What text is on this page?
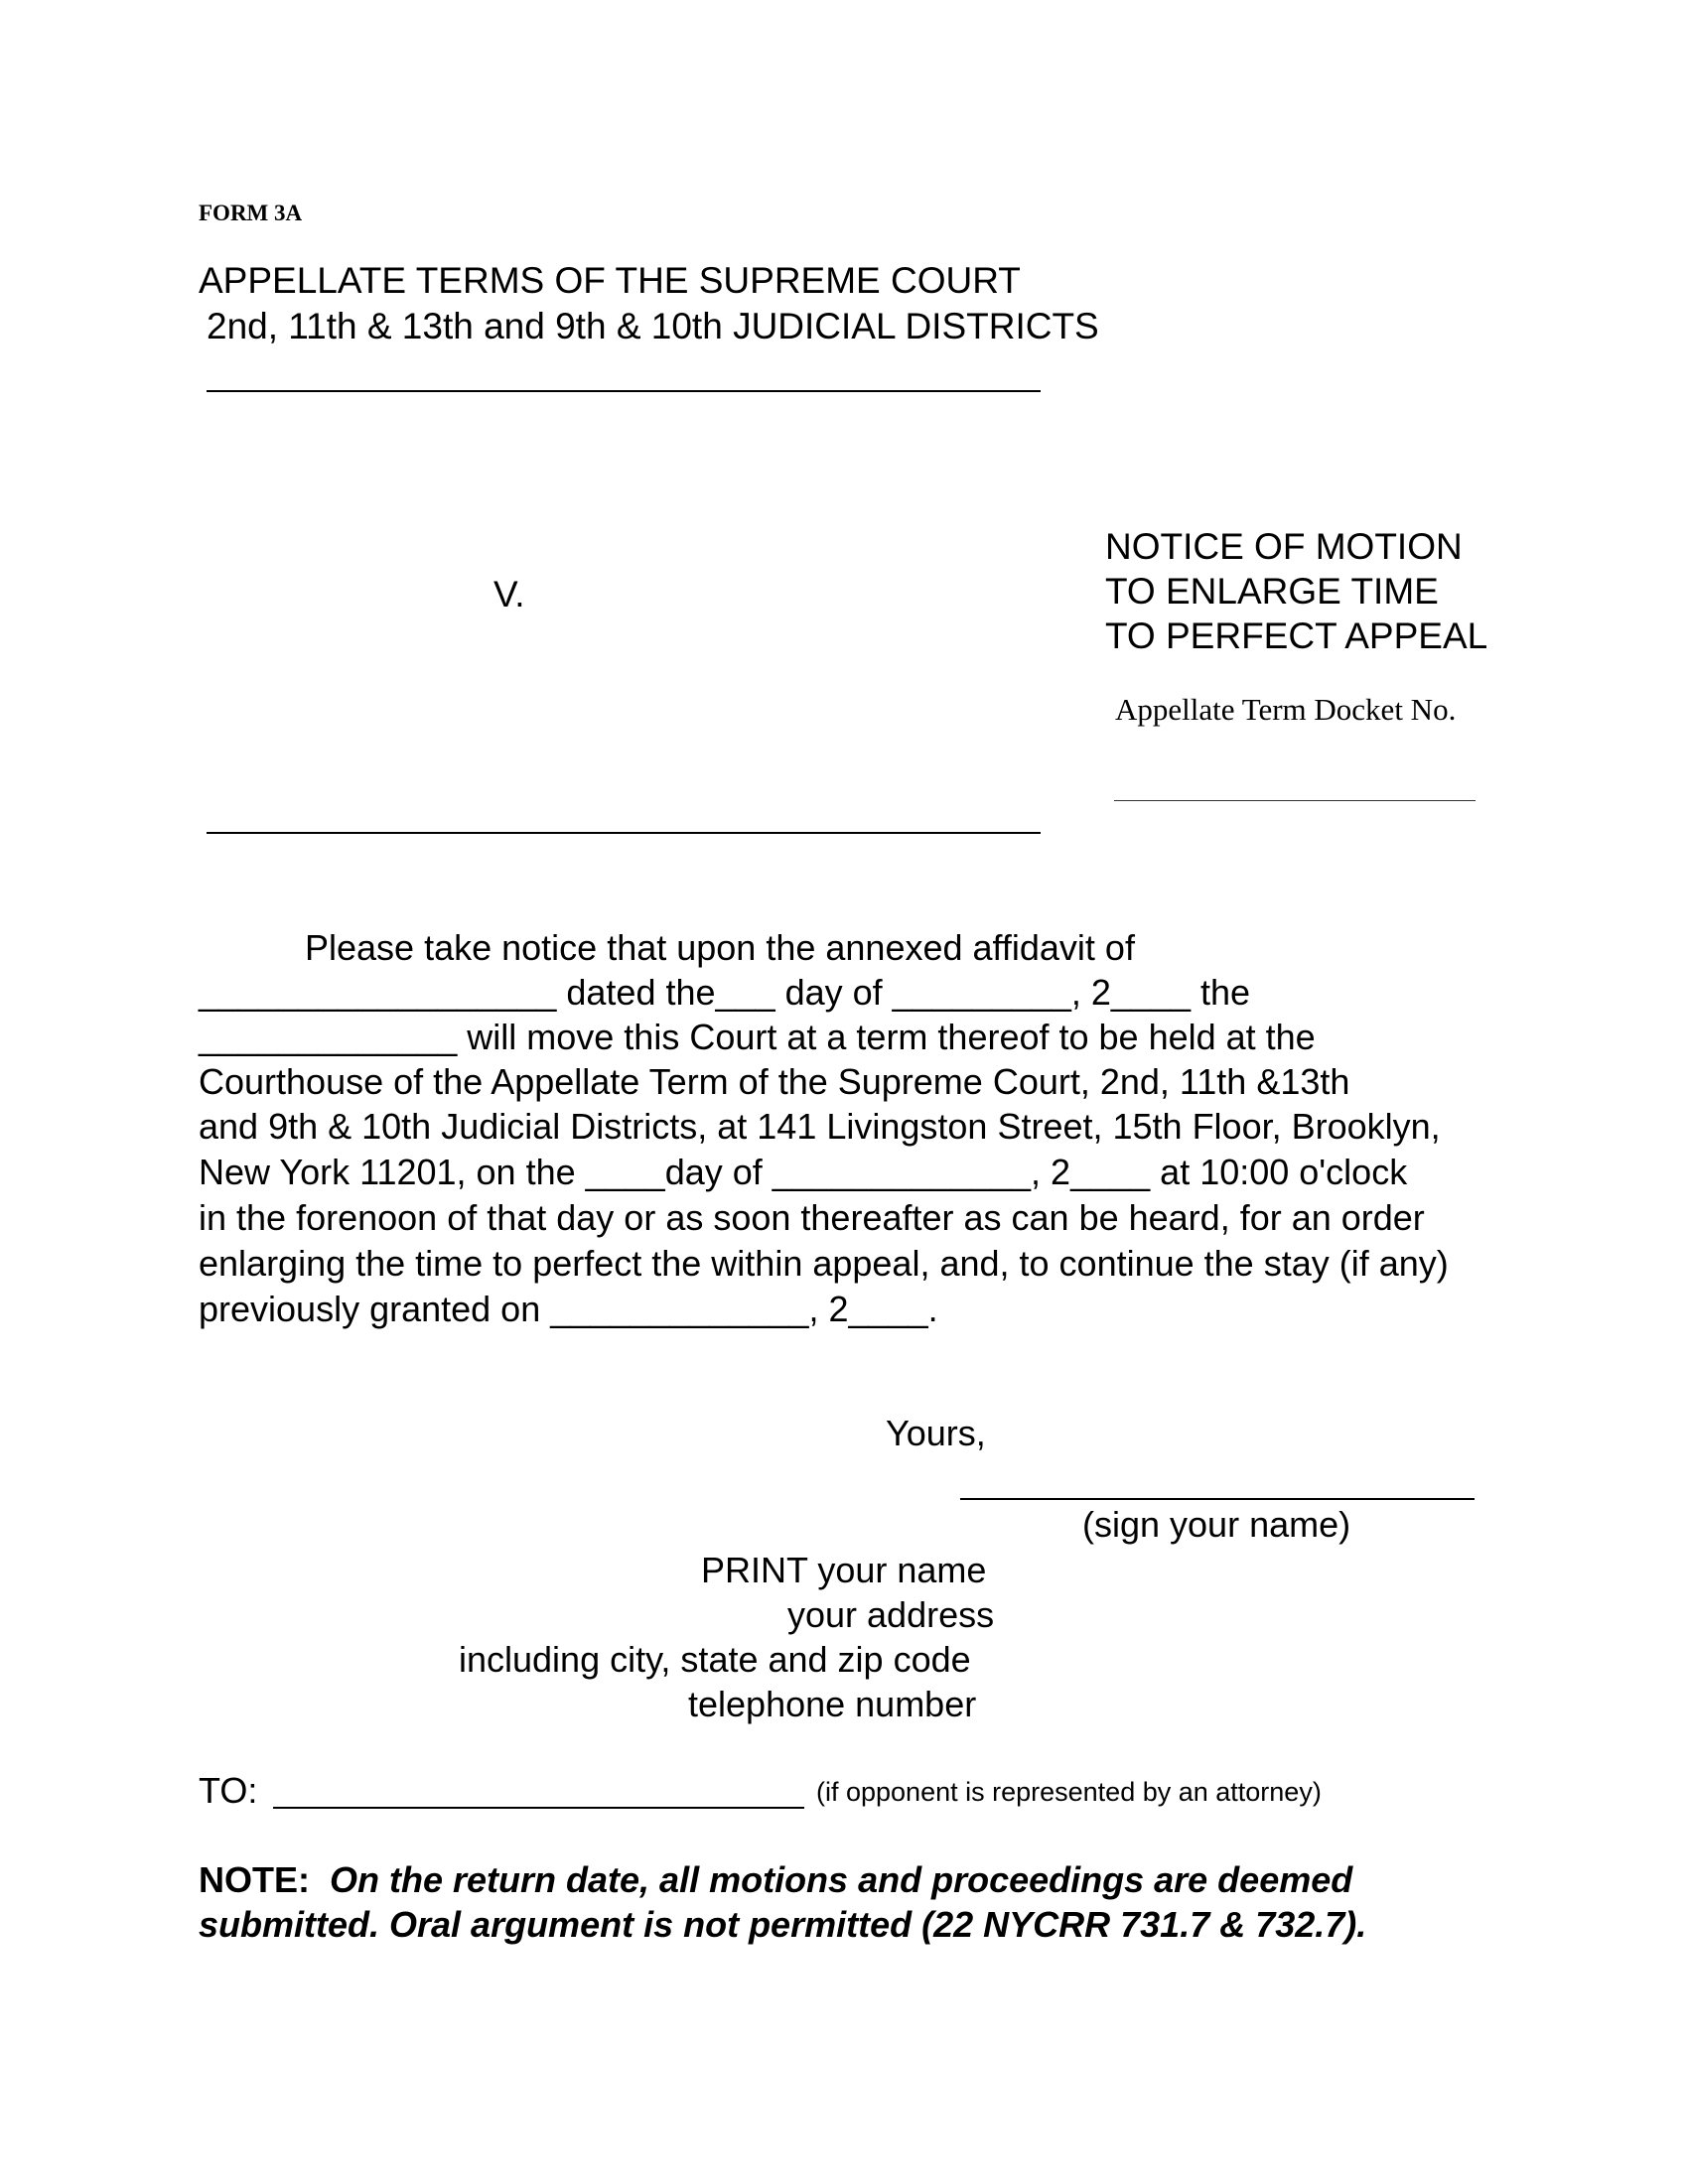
FORM 3A
APPELLATE TERMS OF THE SUPREME COURT
2nd, 11th & 13th and 9th & 10th JUDICIAL DISTRICTS
V.
NOTICE OF MOTION
TO ENLARGE TIME
TO PERFECT APPEAL
Appellate Term Docket No.
Please take notice that upon the annexed affidavit of
__________________ dated the___ day of _________, 2____ the
_____________ will move this Court at a term thereof to be held at the
Courthouse of the Appellate Term of the Supreme Court, 2nd, 11th &13th
and 9th & 10th Judicial Districts, at 141 Livingston Street, 15th Floor, Brooklyn,
New York 11201, on the ____day of _____________, 2____ at 10:00 o'clock
in the forenoon of that day or as soon thereafter as can be heard, for an order
enlarging the time to perfect the within appeal, and, to continue the stay (if any)
previously granted on _____________, 2____.
Yours,
(sign your name)
PRINT your name
your address
including city, state and zip code
telephone number
TO:	(if opponent is represented by an attorney)
NOTE: On the return date, all motions and proceedings are deemed
submitted. Oral argument is not permitted (22 NYCRR 731.7 & 732.7).
